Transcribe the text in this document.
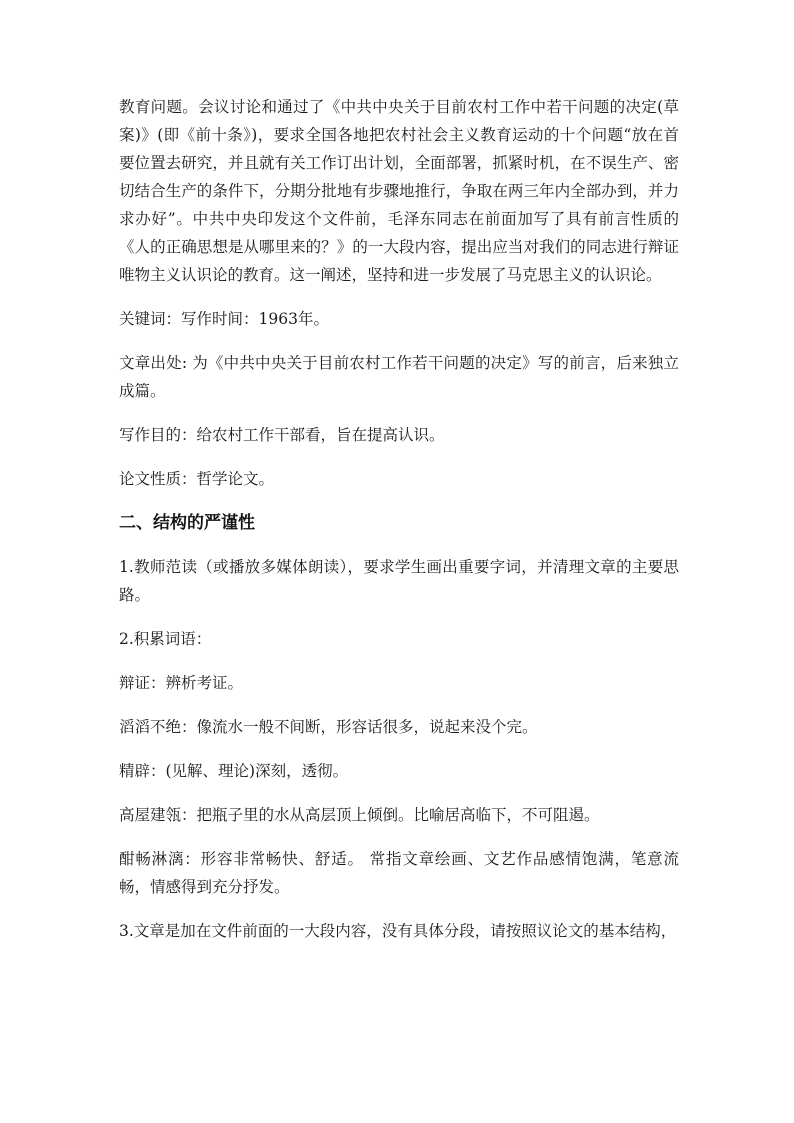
教育问题。会议讨论和通过了《中共中央关于目前农村工作中若干问题的决定(草案)》(即《前十条》)，要求全国各地把农村社会主义教育运动的十个问题“放在首要位置去研究，并且就有关工作订出计划，全面部署，抓紧时机，在不误生产、密切结合生产的条件下，分期分批地有步骤地推行，争取在两三年内全部办到，并力求办好”。中共中央印发这个文件前，毛泽东同志在前面加写了具有前言性质的《人的正确思想是从哪里来的？》的一大段内容，提出应当对我们的同志进行辩证唯物主义认识论的教育。这一阐述，坚持和进一步发展了马克思主义的认识论。

关键词：写作时间：1963年。

文章出处: 为《中共中央关于目前农村工作若干问题的决定》写的前言，后来独立成篇。

写作目的：给农村工作干部看，旨在提高认识。

论文性质：哲学论文。

二、结构的严谨性

1.教师范读（或播放多媒体朗读），要求学生画出重要字词，并清理文章的主要思路。

2.积累词语：

辩证：辨析考证。

滔滔不绝：像流水一般不间断，形容话很多，说起来没个完。

精辟：(见解、理论)深刻，透彻。

高屋建瓴：把瓶子里的水从高层顶上倾倒。比喻居高临下，不可阻遏。

酣畅淋漓：形容非常畅快、舒适。 常指文章绘画、文艺作品感情饱满，笔意流畅，情感得到充分抒发。

3.文章是加在文件前面的一大段内容，没有具体分段，请按照议论文的基本结构，
